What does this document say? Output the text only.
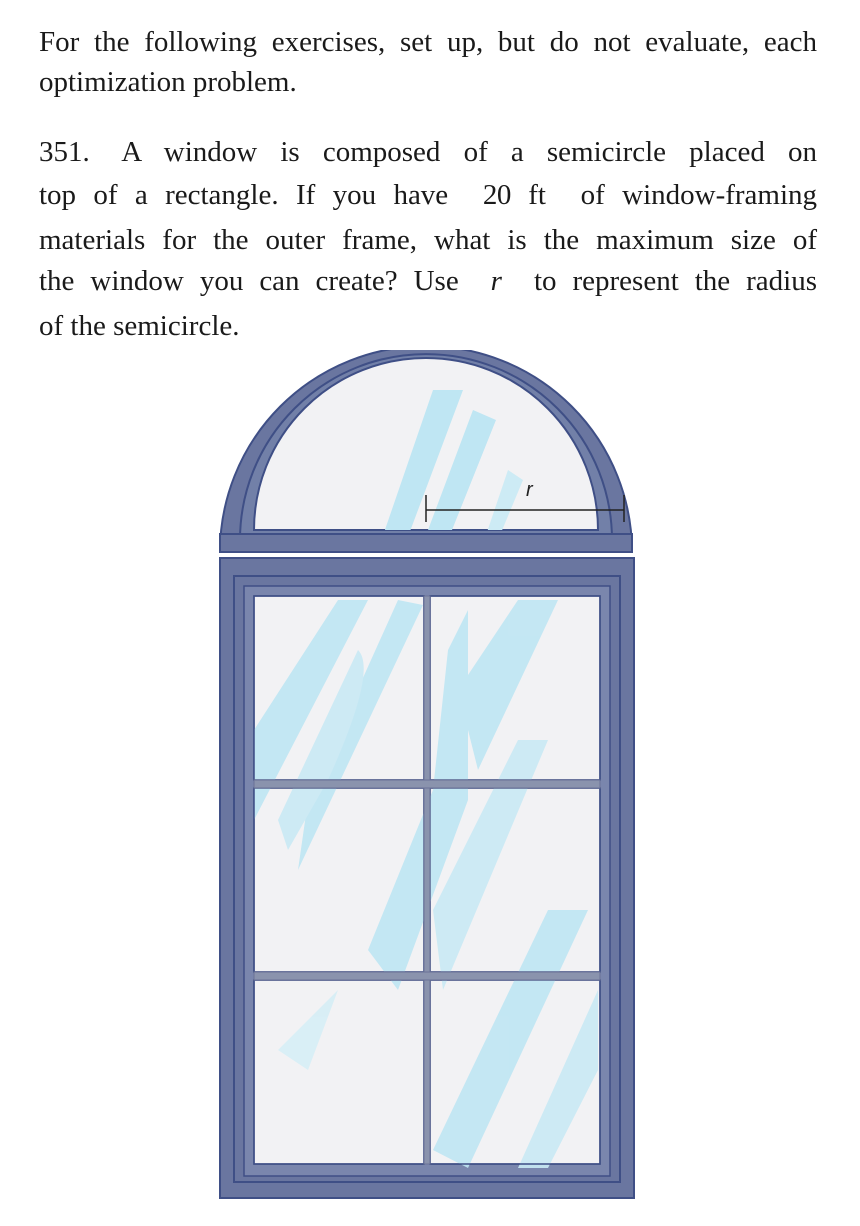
For the following exercises, set up, but do not evaluate, each optimization problem.

351. A window is composed of a semicircle placed on
top of a rectangle. If you have 20 ft of window-framing
materials for the outer frame, what is the maximum size of
the window you can create? Use r to represent the radius
of the semicircle.
r
